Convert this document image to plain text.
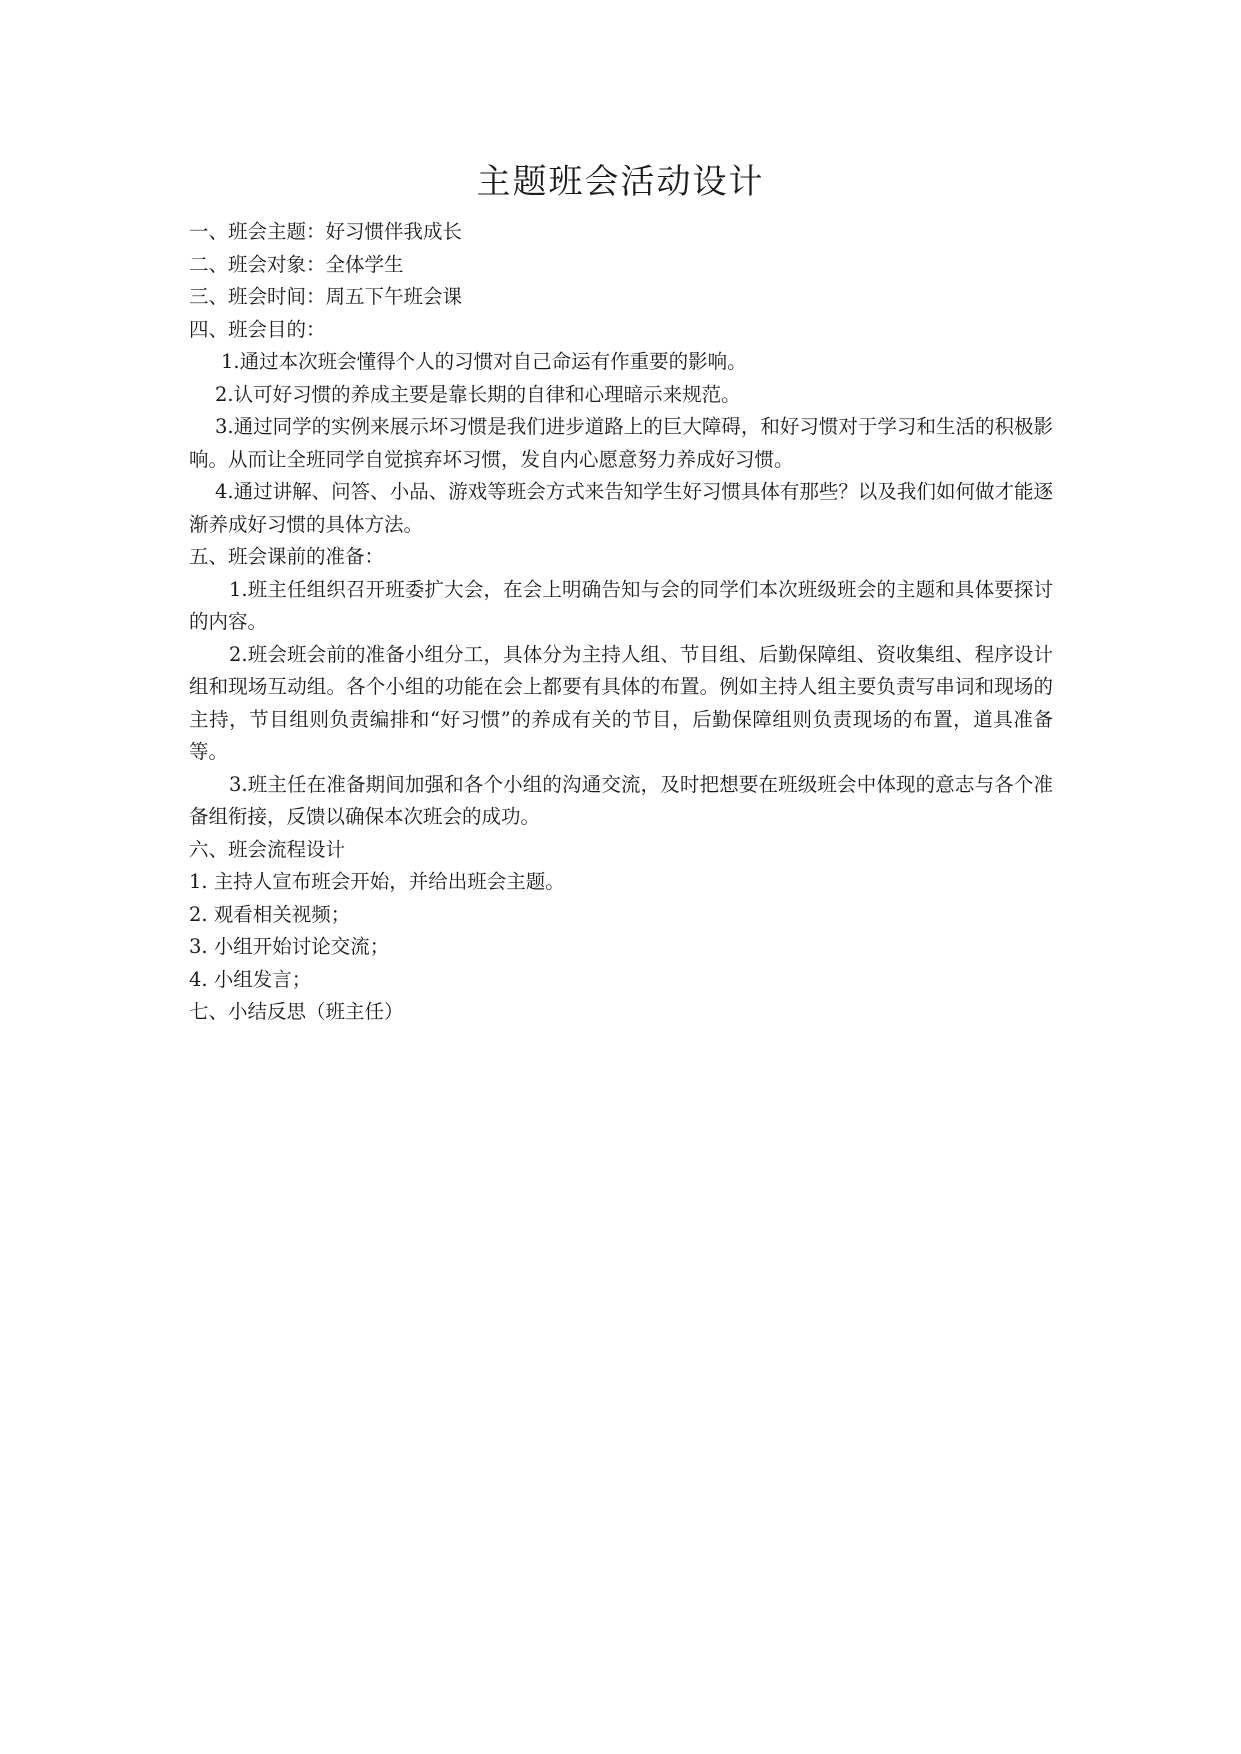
主题班会活动设计

一、班会主题：好习惯伴我成长

二、班会对象：全体学生

三、班会时间：周五下午班会课

四、班会目的：

1.通过本次班会懂得个人的习惯对自己命运有作重要的影响。

2.认可好习惯的养成主要是靠长期的自律和心理暗示来规范。

3.通过同学的实例来展示坏习惯是我们进步道路上的巨大障碍，和好习惯对于学习和生活的积极影响。从而让全班同学自觉摈弃坏习惯，发自内心愿意努力养成好习惯。

4.通过讲解、问答、小品、游戏等班会方式来告知学生好习惯具体有那些？以及我们如何做才能逐渐养成好习惯的具体方法。

五、班会课前的准备：

1.班主任组织召开班委扩大会，在会上明确告知与会的同学们本次班级班会的主题和具体要探讨的内容。

2.班会班会前的准备小组分工，具体分为主持人组、节目组、后勤保障组、资收集组、程序设计组和现场互动组。各个小组的功能在会上都要有具体的布置。例如主持人组主要负责写串词和现场的主持，节目组则负责编排和“好习惯”的养成有关的节目，后勤保障组则负责现场的布置，道具准备等。

3.班主任在准备期间加强和各个小组的沟通交流，及时把想要在班级班会中体现的意志与各个准备组衔接，反馈以确保本次班会的成功。

六、班会流程设计

1. 主持人宣布班会开始，并给出班会主题。

2. 观看相关视频；

3. 小组开始讨论交流；

4. 小组发言；

七、小结反思（班主任）
